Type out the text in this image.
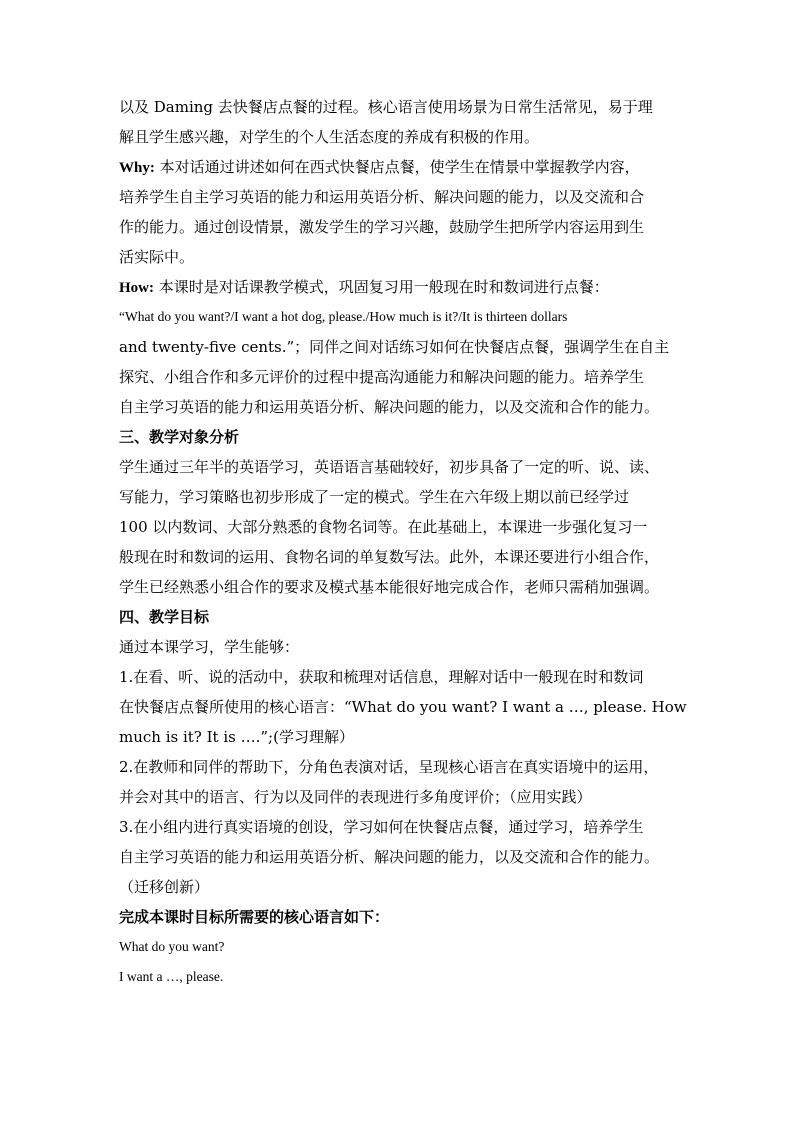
以及 Daming 去快餐店点餐的过程。核心语言使用场景为日常生活常见，易于理
解且学生感兴趣，对学生的个人生活态度的养成有积极的作用。
Why: 本对话通过讲述如何在西式快餐店点餐，使学生在情景中掌握教学内容，
培养学生自主学习英语的能力和运用英语分析、解决问题的能力，以及交流和合
作的能力。通过创设情景，激发学生的学习兴趣，鼓励学生把所学内容运用到生
活实际中。
How: 本课时是对话课教学模式，巩固复习用一般现在时和数词进行点餐：
“What do you want?/I want a hot dog, please./How much is it?/It is thirteen dollars
and twenty-five cents.”；同伴之间对话练习如何在快餐店点餐，强调学生在自主
探究、小组合作和多元评价的过程中提高沟通能力和解决问题的能力。培养学生
自主学习英语的能力和运用英语分析、解决问题的能力，以及交流和合作的能力。
三、教学对象分析
学生通过三年半的英语学习，英语语言基础较好，初步具备了一定的听、说、读、
写能力，学习策略也初步形成了一定的模式。学生在六年级上期以前已经学过
100 以内数词、大部分熟悉的食物名词等。在此基础上，本课进一步强化复习一
般现在时和数词的运用、食物名词的单复数写法。此外，本课还要进行小组合作，
学生已经熟悉小组合作的要求及模式基本能很好地完成合作，老师只需稍加强调。
四、教学目标
通过本课学习，学生能够：
1.在看、听、说的活动中，获取和梳理对话信息，理解对话中一般现在时和数词
在快餐店点餐所使用的核心语言：“What do you want? I want a …, please. How
much is it? It is ….”;(学习理解）
2.在教师和同伴的帮助下，分角色表演对话，呈现核心语言在真实语境中的运用，
并会对其中的语言、行为以及同伴的表现进行多角度评价；（应用实践）
3.在小组内进行真实语境的创设，学习如何在快餐店点餐，通过学习，培养学生
自主学习英语的能力和运用英语分析、解决问题的能力，以及交流和合作的能力。
（迁移创新）
完成本课时目标所需要的核心语言如下：
What do you want?
I want a …, please.
